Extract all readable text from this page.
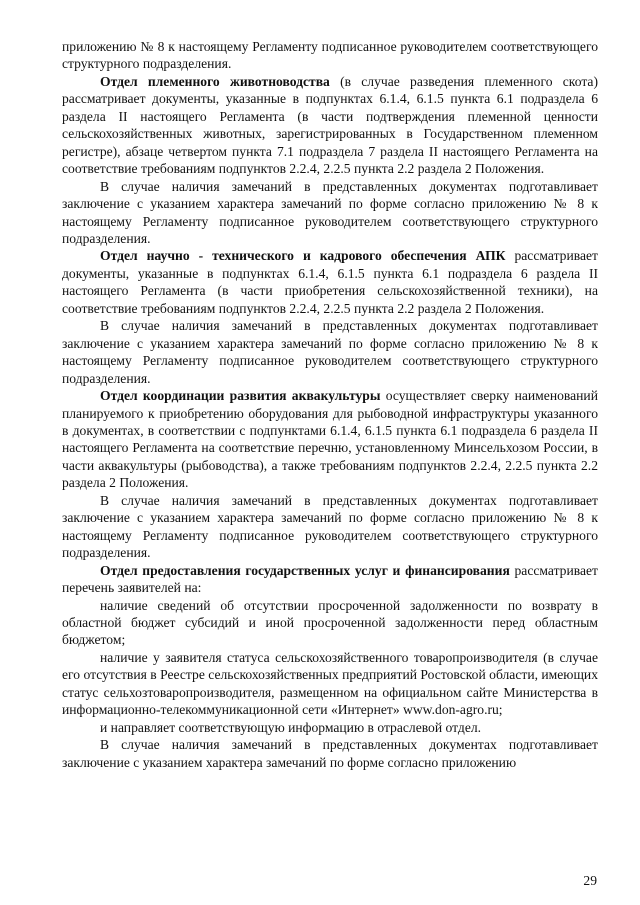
приложению № 8 к настоящему Регламенту подписанное руководителем соответствующего структурного подразделения.

Отдел племенного животноводства (в случае разведения племенного скота) рассматривает документы, указанные в подпунктах 6.1.4, 6.1.5 пункта 6.1 подраздела 6 раздела II настоящего Регламента (в части подтверждения племенной ценности сельскохозяйственных животных, зарегистрированных в Государственном племенном регистре), абзаце четвертом пункта 7.1 подраздела 7 раздела II настоящего Регламента на соответствие требованиям подпунктов 2.2.4, 2.2.5 пункта 2.2 раздела 2 Положения.

В случае наличия замечаний в представленных документах подготавливает заключение с указанием характера замечаний по форме согласно приложению № 8 к настоящему Регламенту подписанное руководителем соответствующего структурного подразделения.

Отдел научно - технического и кадрового обеспечения АПК рассматривает документы, указанные в подпунктах 6.1.4, 6.1.5 пункта 6.1 подраздела 6 раздела II настоящего Регламента (в части приобретения сельскохозяйственной техники), на соответствие требованиям подпунктов 2.2.4, 2.2.5 пункта 2.2 раздела 2 Положения.

В случае наличия замечаний в представленных документах подготавливает заключение с указанием характера замечаний по форме согласно приложению № 8 к настоящему Регламенту подписанное руководителем соответствующего структурного подразделения.

Отдел координации развития аквакультуры осуществляет сверку наименований планируемого к приобретению оборудования для рыбоводной инфраструктуры указанного в документах, в соответствии с подпунктами 6.1.4, 6.1.5 пункта 6.1 подраздела 6 раздела II настоящего Регламента на соответствие перечню, установленному Минсельхозом России, в части аквакультуры (рыбоводства), а также требованиям подпунктов 2.2.4, 2.2.5 пункта 2.2 раздела 2 Положения.

В случае наличия замечаний в представленных документах подготавливает заключение с указанием характера замечаний по форме согласно приложению № 8 к настоящему Регламенту подписанное руководителем соответствующего структурного подразделения.

Отдел предоставления государственных услуг и финансирования рассматривает перечень заявителей на:

наличие сведений об отсутствии просроченной задолженности по возврату в областной бюджет субсидий и иной просроченной задолженности перед областным бюджетом;

наличие у заявителя статуса сельскохозяйственного товаропроизводителя (в случае его отсутствия в Реестре сельскохозяйственных предприятий Ростовской области, имеющих статус сельхозтоваропроизводителя, размещенном на официальном сайте Министерства в информационно-телекоммуникационной сети «Интернет» www.don-agro.ru;

и направляет соответствующую информацию в отраслевой отдел.

В случае наличия замечаний в представленных документах подготавливает заключение с указанием характера замечаний по форме согласно приложению

29
